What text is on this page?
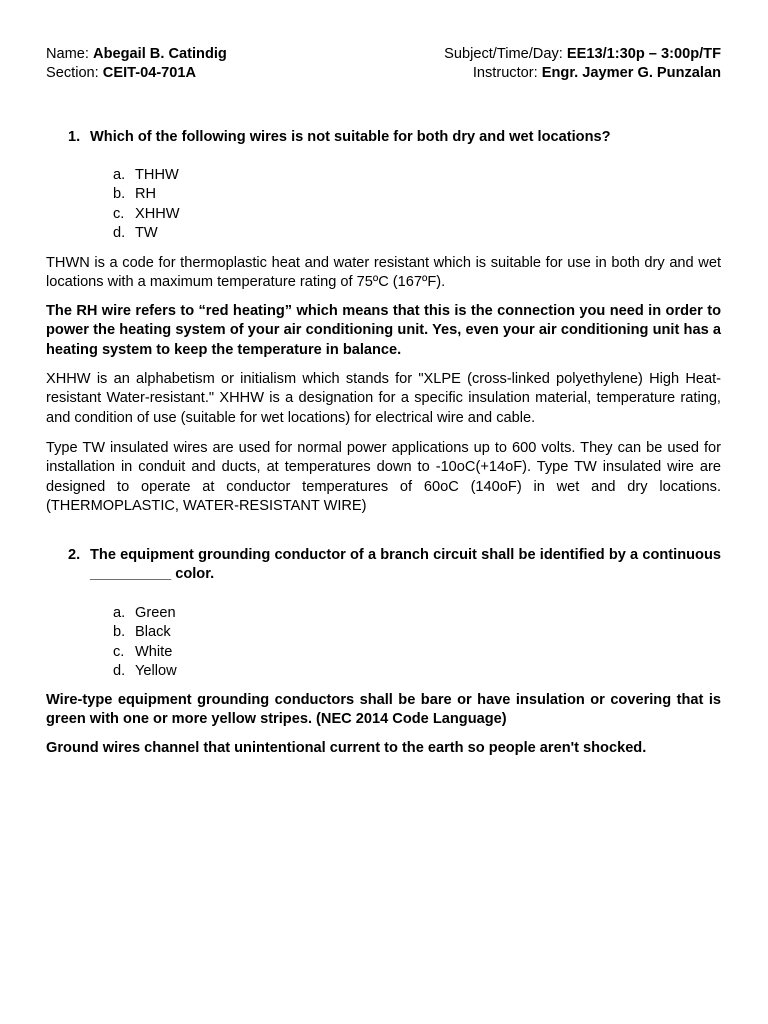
Name: Abegail B. Catindig	Subject/Time/Day: EE13/1:30p – 3:00p/TF
Section: CEIT-04-701A	Instructor: Engr. Jaymer G. Punzalan
1. Which of the following wires is not suitable for both dry and wet locations?
a. THHW
b. RH
c. XHHW
d. TW

THWN is a code for thermoplastic heat and water resistant which is suitable for use in both dry and wet locations with a maximum temperature rating of 75ºC (167ºF).

The RH wire refers to “red heating” which means that this is the connection you need in order to power the heating system of your air conditioning unit. Yes, even your air conditioning unit has a heating system to keep the temperature in balance.

XHHW is an alphabetism or initialism which stands for "XLPE (cross-linked polyethylene) High Heat-resistant Water-resistant." XHHW is a designation for a specific insulation material, temperature rating, and condition of use (suitable for wet locations) for electrical wire and cable.

Type TW insulated wires are used for normal power applications up to 600 volts. They can be used for installation in conduit and ducts, at temperatures down to -10oC(+14oF). Type TW insulated wire are designed to operate at conductor temperatures of 60oC (140oF) in wet and dry locations. (THERMOPLASTIC, WATER-RESISTANT WIRE)

2. The equipment grounding conductor of a branch circuit shall be identified by a continuous __________ color.
a. Green
b. Black
c. White
d. Yellow

Wire-type equipment grounding conductors shall be bare or have insulation or covering that is green with one or more yellow stripes. (NEC 2014 Code Language)

Ground wires channel that unintentional current to the earth so people aren't shocked.
